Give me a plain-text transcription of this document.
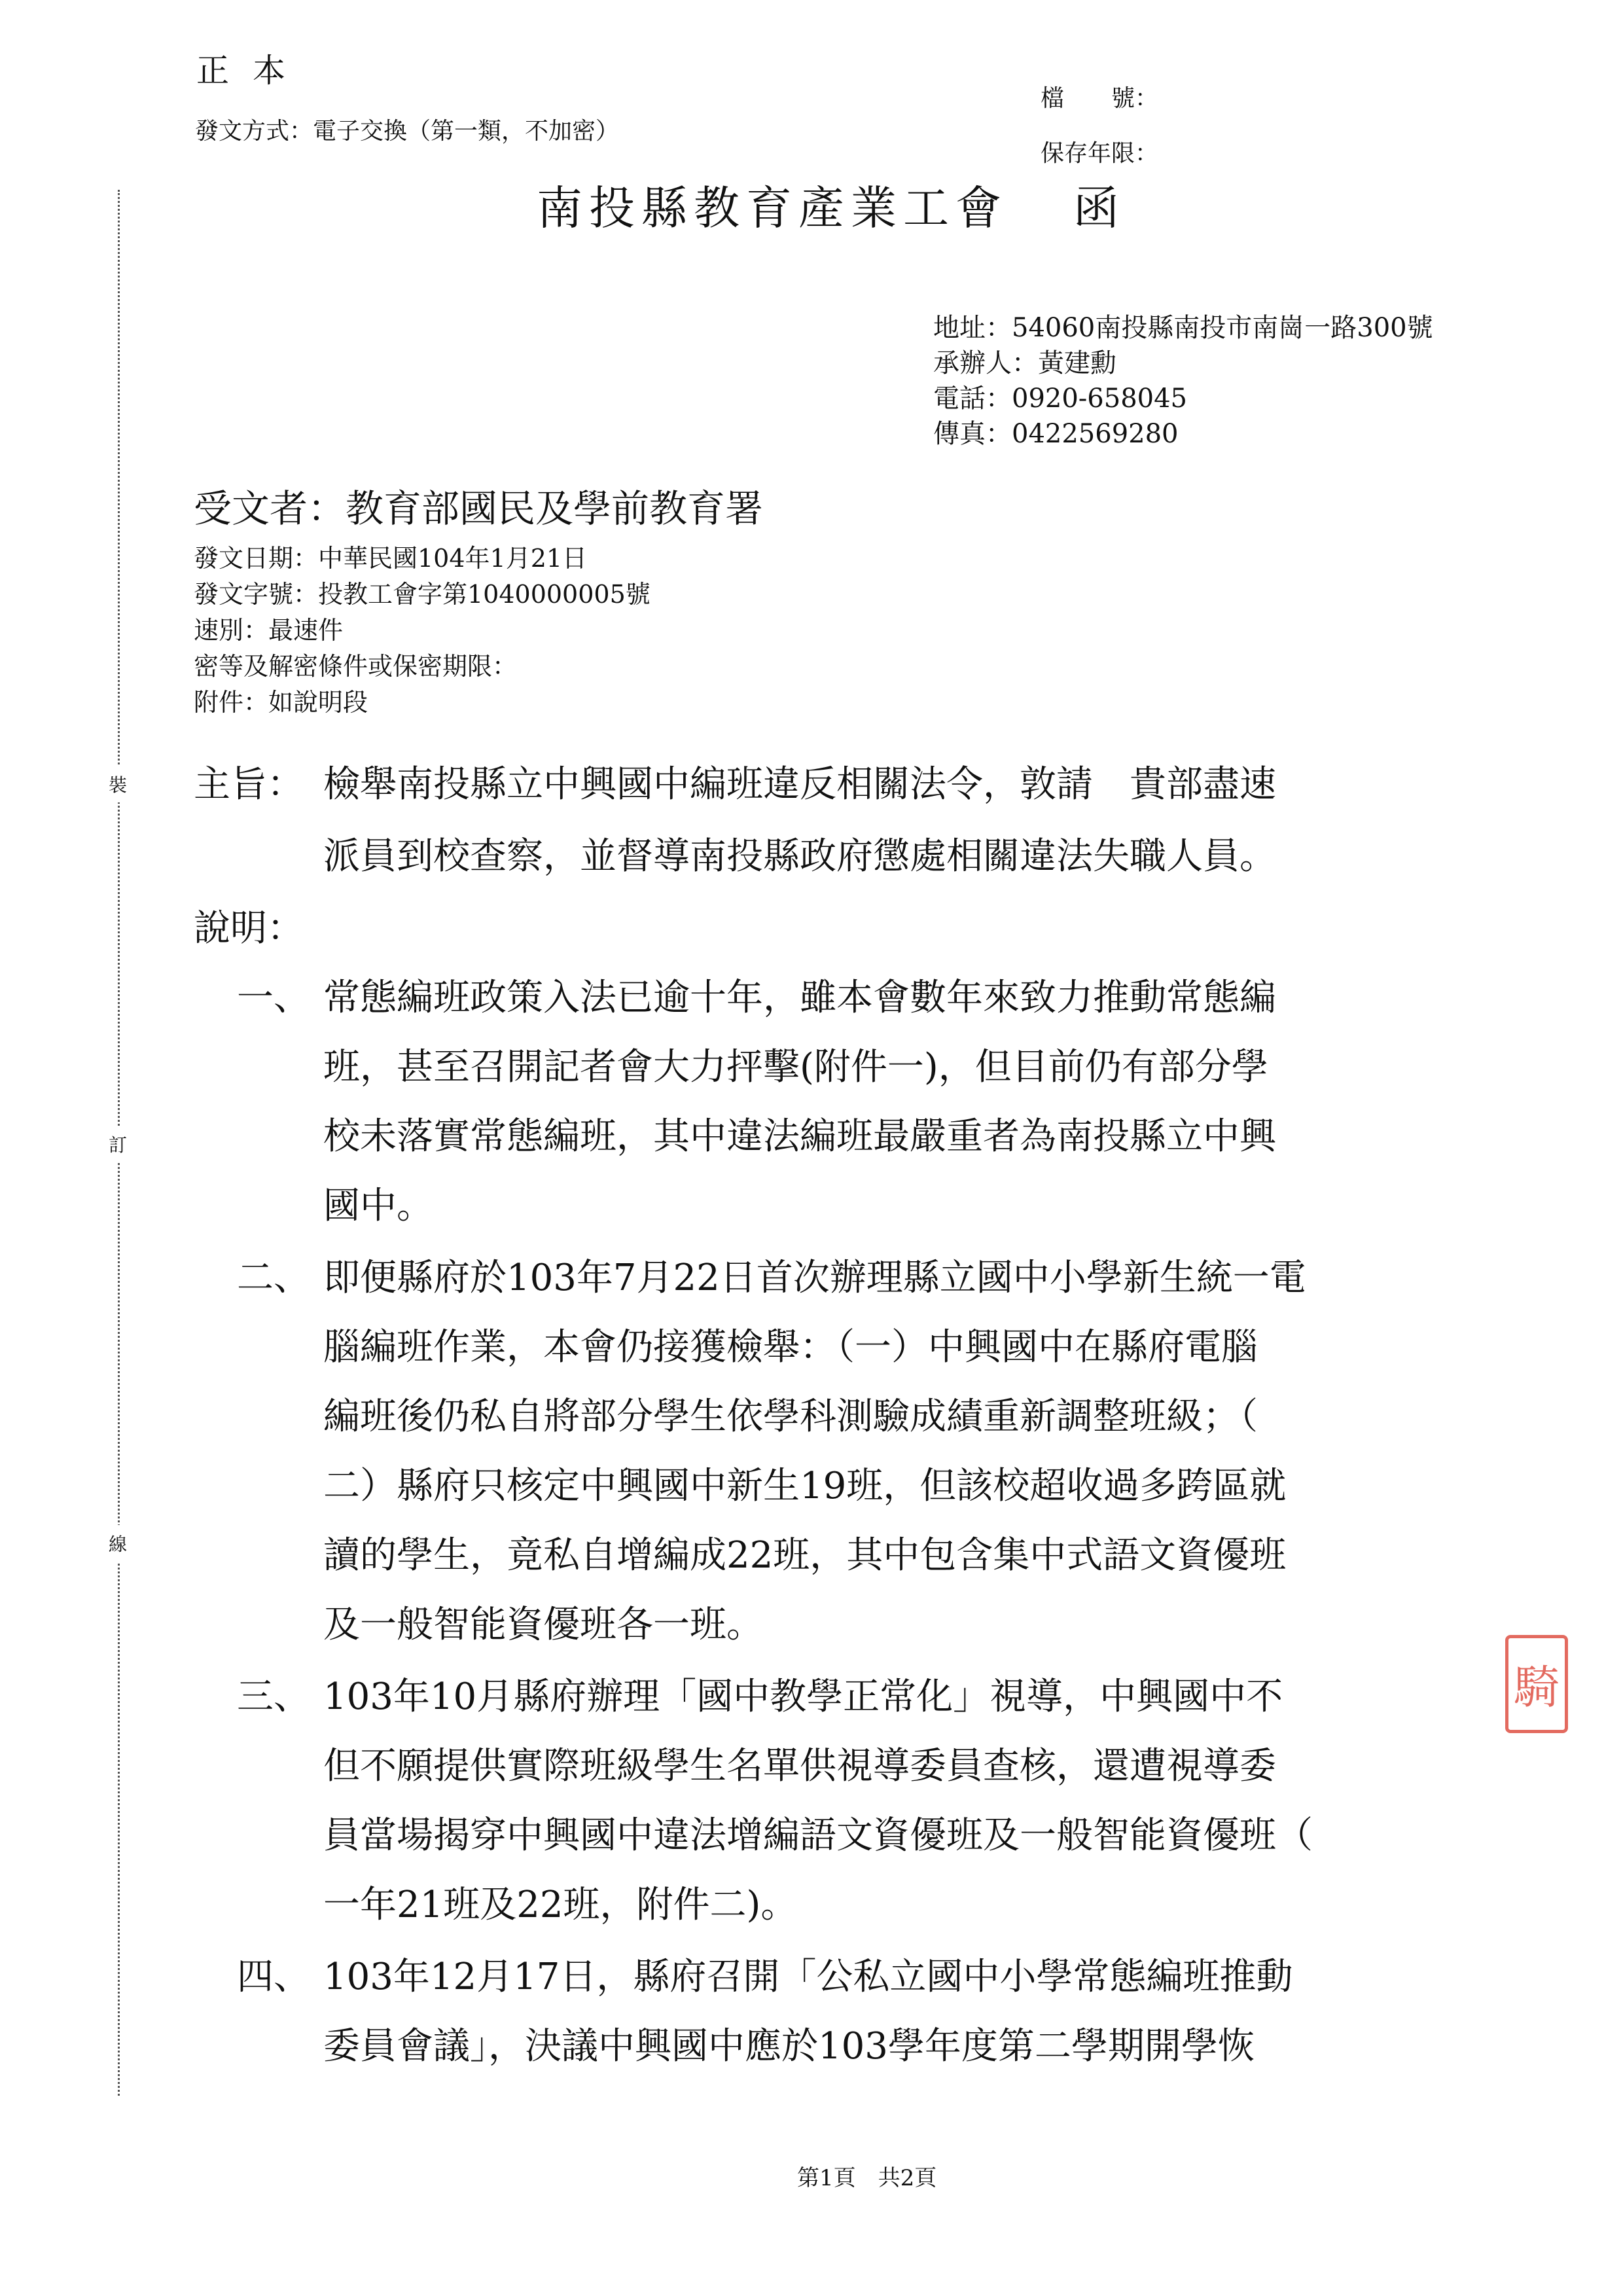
正本
發文方式：電子交換（第一類，不加密）
檔　　號：
保存年限：
南投縣教育產業工會 函
地址：54060南投縣南投市南崗一路300號
承辦人：黃建勳
電話：0920-658045
傳真：0422569280
受文者：教育部國民及學前教育署
發文日期：中華民國104年1月21日
發文字號：投教工會字第1040000005號
速別：最速件
密等及解密條件或保密期限：
附件：如說明段
裝
訂
線
主旨： 檢舉南投縣立中興國中編班違反相關法令，敦請　貴部盡速
派員到校查察，並督導南投縣政府懲處相關違法失職人員。
說明：
一、 常態編班政策入法已逾十年，雖本會數年來致力推動常態編
班，甚至召開記者會大力抨擊(附件一)，但目前仍有部分學
校未落實常態編班，其中違法編班最嚴重者為南投縣立中興
國中。
二、 即便縣府於103年7月22日首次辦理縣立國中小學新生統一電
腦編班作業，本會仍接獲檢舉：（一）中興國中在縣府電腦
編班後仍私自將部分學生依學科測驗成績重新調整班級；（
二）縣府只核定中興國中新生19班，但該校超收過多跨區就
讀的學生，竟私自增編成22班，其中包含集中式語文資優班
及一般智能資優班各一班。
三、 103年10月縣府辦理「國中教學正常化」視導，中興國中不
但不願提供實際班級學生名單供視導委員查核，還遭視導委
員當場揭穿中興國中違法增編語文資優班及一般智能資優班（
一年21班及22班，附件二)。
四、 103年12月17日，縣府召開「公私立國中小學常態編班推動
委員會議」，決議中興國中應於103學年度第二學期開學恢
騎
第1頁　共2頁
